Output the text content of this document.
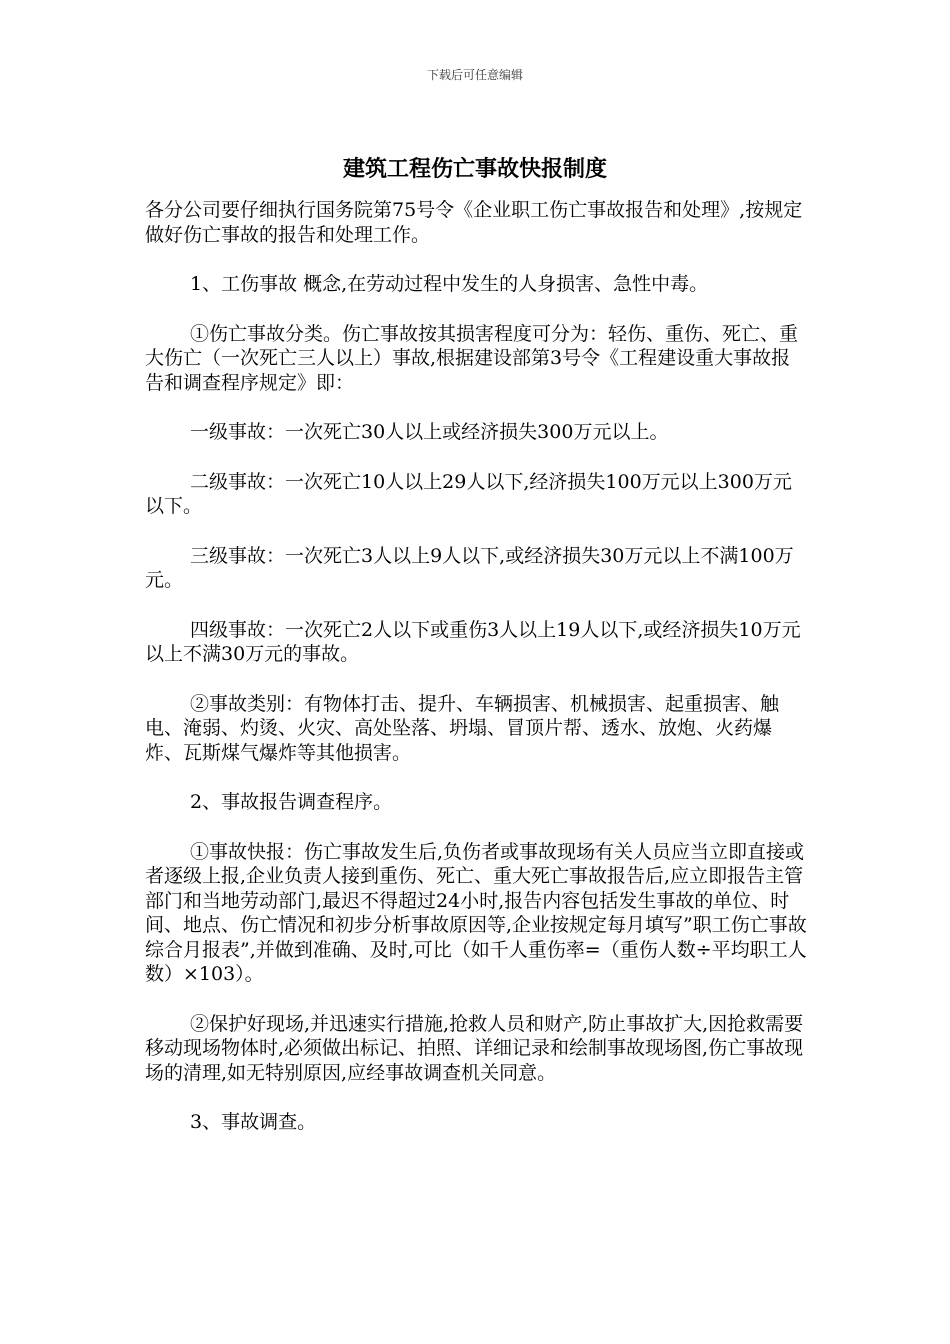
下载后可任意编辑
建筑工程伤亡事故快报制度

各分公司要仔细执行国务院第75号令《企业职工伤亡事故报告和处理》,按规定做好伤亡事故的报告和处理工作。

1、工伤事故 概念,在劳动过程中发生的人身损害、急性中毒。

①伤亡事故分类。伤亡事故按其损害程度可分为：轻伤、重伤、死亡、重大伤亡（一次死亡三人以上）事故,根据建设部第3号令《工程建设重大事故报告和调查程序规定》即：

一级事故：一次死亡30人以上或经济损失300万元以上。

二级事故：一次死亡10人以上29人以下,经济损失100万元以上300万元以下。

三级事故：一次死亡3人以上9人以下,或经济损失30万元以上不满100万元。

四级事故：一次死亡2人以下或重伤3人以上19人以下,或经济损失10万元以上不满30万元的事故。

②事故类别：有物体打击、提升、车辆损害、机械损害、起重损害、触电、淹弱、灼烫、火灾、高处坠落、坍塌、冒顶片帮、透水、放炮、火药爆炸、瓦斯煤气爆炸等其他损害。

2、事故报告调查程序。

①事故快报：伤亡事故发生后,负伤者或事故现场有关人员应当立即直接或者逐级上报,企业负责人接到重伤、死亡、重大死亡事故报告后,应立即报告主管部门和当地劳动部门,最迟不得超过24小时,报告内容包括发生事故的单位、时间、地点、伤亡情况和初步分析事故原因等,企业按规定每月填写”职工伤亡事故综合月报表”,并做到准确、及时,可比（如千人重伤率=（重伤人数÷平均职工人数）×103）。

②保护好现场,并迅速实行措施,抢救人员和财产,防止事故扩大,因抢救需要移动现场物体时,必须做出标记、拍照、详细记录和绘制事故现场图,伤亡事故现场的清理,如无特别原因,应经事故调查机关同意。

3、事故调查。
